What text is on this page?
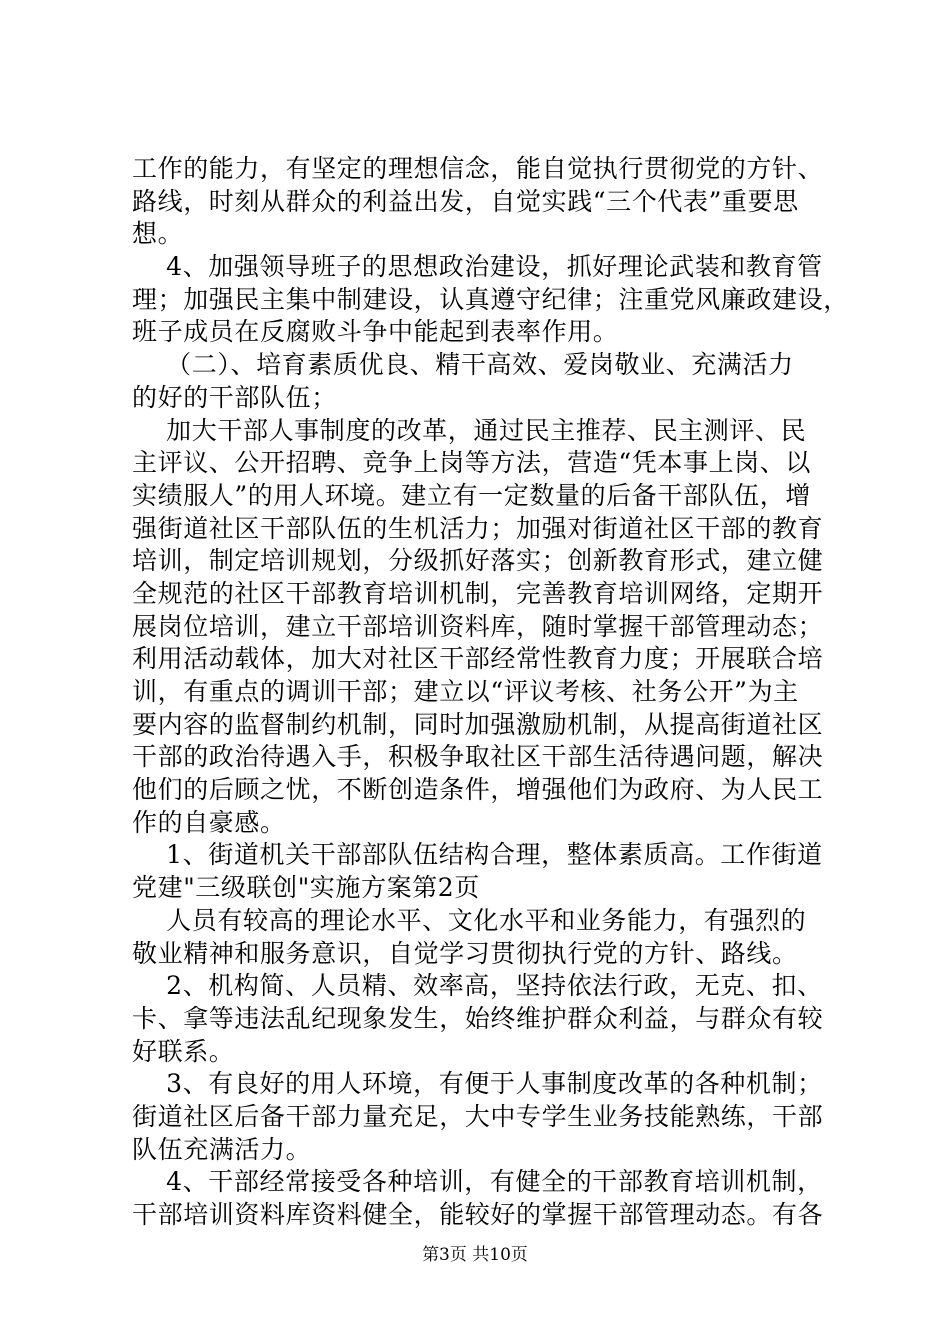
工作的能力，有坚定的理想信念，能自觉执行贯彻党的方针、
路线，时刻从群众的利益出发，自觉实践“三个代表”重要思
想。
4、加强领导班子的思想政治建设，抓好理论武装和教育管
理；加强民主集中制建设，认真遵守纪律；注重党风廉政建设，
班子成员在反腐败斗争中能起到表率作用。
（二）、培育素质优良、精干高效、爱岗敬业、充满活力
的好的干部队伍；
加大干部人事制度的改革，通过民主推荐、民主测评、民
主评议、公开招聘、竞争上岗等方法，营造“凭本事上岗、以
实绩服人”的用人环境。建立有一定数量的后备干部队伍，增
强街道社区干部队伍的生机活力；加强对街道社区干部的教育
培训，制定培训规划，分级抓好落实；创新教育形式，建立健
全规范的社区干部教育培训机制，完善教育培训网络，定期开
展岗位培训，建立干部培训资料库，随时掌握干部管理动态；
利用活动载体，加大对社区干部经常性教育力度；开展联合培
训，有重点的调训干部；建立以“评议考核、社务公开”为主
要内容的监督制约机制，同时加强激励机制，从提高街道社区
干部的政治待遇入手，积极争取社区干部生活待遇问题，解决
他们的后顾之忧，不断创造条件，增强他们为政府、为人民工
作的自豪感。
1、街道机关干部部队伍结构合理，整体素质高。工作街道
党建"三级联创"实施方案第2页
人员有较高的理论水平、文化水平和业务能力，有强烈的
敬业精神和服务意识，自觉学习贯彻执行党的方针、路线。
2、机构简、人员精、效率高，坚持依法行政，无克、扣、
卡、拿等违法乱纪现象发生，始终维护群众利益，与群众有较
好联系。
3、有良好的用人环境，有便于人事制度改革的各种机制；
街道社区后备干部力量充足，大中专学生业务技能熟练，干部
队伍充满活力。
4、干部经常接受各种培训，有健全的干部教育培训机制，
干部培训资料库资料健全，能较好的掌握干部管理动态。有各
第3页 共10页
